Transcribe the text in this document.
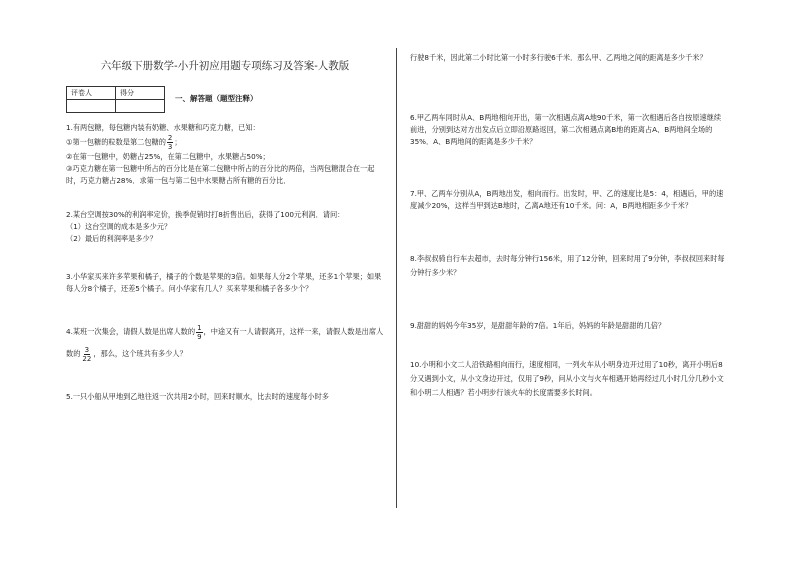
六年级下册数学-小升初应用题专项练习及答案-人教版
评卷人	得分

一、解答题（题型注释）

1.有两包糖，每包糖内装有奶糖、水果糖和巧克力糖，已知：

①第一包糖的粒数是第二包糖的 $\frac{2}{3}$ ；

②在第一包糖中，奶糖占25%，在第二包糖中，水果糖占50%；

③巧克力糖在第一包糖中所占的百分比是在第二包糖中所占的百分比的两倍，当两包糖混合在一起时，巧克力糖占28%．求第一包与第二包中水果糖占所有糖的百分比．

2.某台空调按30%的利润率定价，换季促销时打8折售出后，获得了100元利润．请问：

（1）这台空调的成本是多少元？

（2）最后的利润率是多少？

3.小华家买来许多苹果和橘子，橘子的个数是苹果的3倍。如果每人分2个苹果，还多1个苹果；如果每人分8个橘子，还差5个橘子。问小华家有几人？买来苹果和橘子各多少个？

4.某班一次集会，请假人数是出席人数的 $\frac{1}{9}$ ，中途又有一人请假离开，这样一来，请假人数是出席人数的 $\frac{3}{22}$ ，那么，这个班共有多少人？

5.一只小船从甲地到乙地往返一次共用2小时，回来时顺水，比去时的速度每小时多

行驶8千米，因此第二小时比第一小时多行驶6千米．那么甲、乙两地之间的距离是多少千米？

6.甲乙两车同时从A、B两地相向开出，第一次相遇点离A地90千米，第一次相遇后各自按原速继续前进，分别到达对方出发点后立即沿原路返回，第二次相遇点离B地的距离占A、B两地间全场的35%．A、B两地间的距离是多少千米？

7.甲、乙两车分别从A，B两地出发，相向而行。出发时，甲、乙的速度比是5：4，相遇后，甲的速度减少20%，这样当甲到达B地时，乙离A地还有10千米。问：A，B两地相距多少千米？

8.李叔叔骑自行车去超市，去时每分钟行156米，用了12分钟，回来时用了9分钟，李叔叔回来时每分钟行多少米？

9.甜甜的妈妈今年35岁，是甜甜年龄的7倍。1年后，妈妈的年龄是甜甜的几倍？

10.小明和小文二人沿铁路相向而行，速度相同，一列火车从小明身边开过用了10秒，离开小明后8分又遇到小文，从小文身边开过，仅用了9秒，问从小文与火车相遇开始再经过几小时几分几秒小文和小明二人相遇？若小明步行该火车的长度需要多长时间。
